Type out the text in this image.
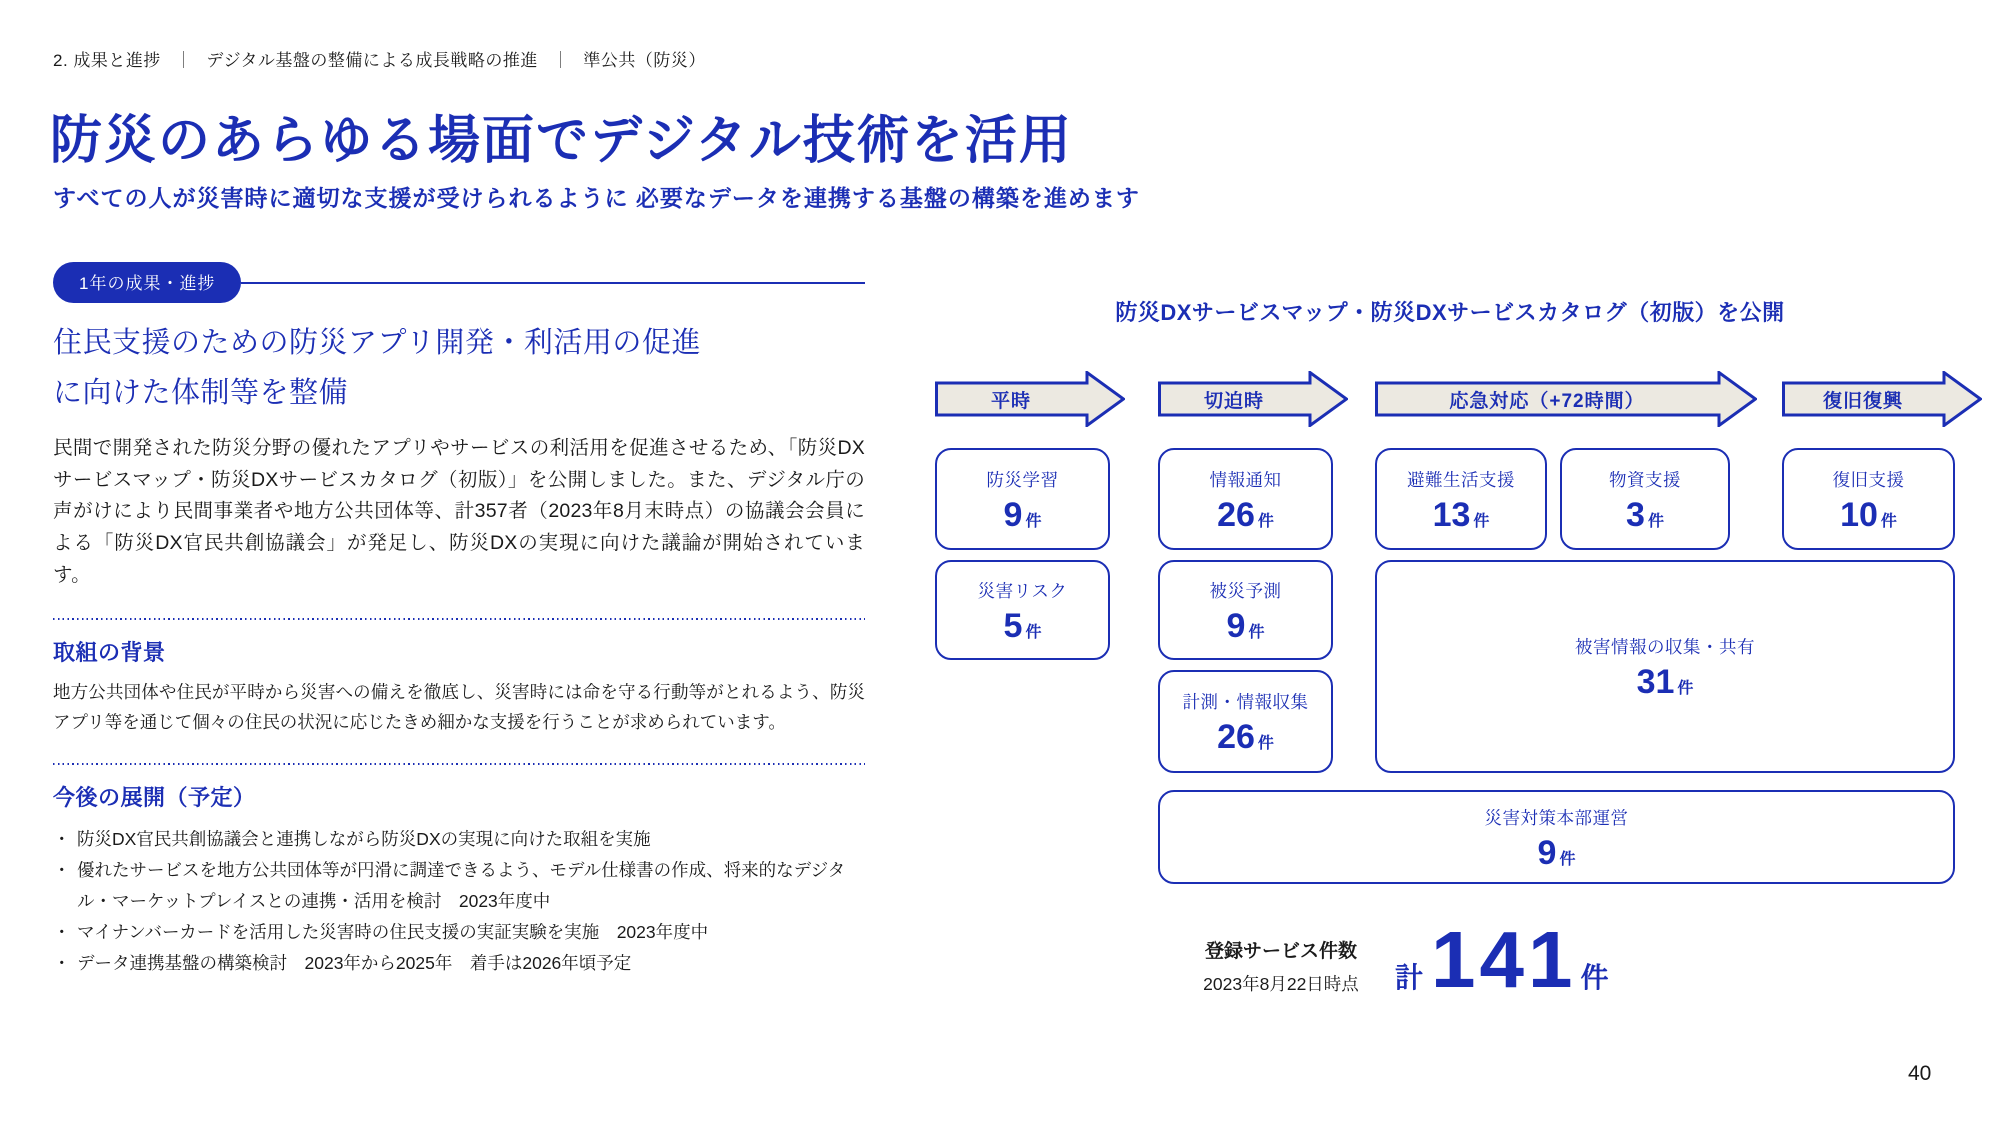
2. 成果と進捗 ｜ デジタル基盤の整備による成長戦略の推進 ｜ 準公共（防災）
防災のあらゆる場面でデジタル技術を活用
すべての人が災害時に適切な支援が受けられるように 必要なデータを連携する基盤の構築を進めます
1年の成果・進捗
住民支援のための防災アプリ開発・利活用の促進に向けた体制等を整備
民間で開発された防災分野の優れたアプリやサービスの利活用を促進させるため、「防災DXサービスマップ・防災DXサービスカタログ（初版）」を公開しました。また、デジタル庁の声がけにより民間事業者や地方公共団体等、計357者（2023年8月末時点）の協議会会員による「防災DX官民共創協議会」が発足し、防災DXの実現に向けた議論が開始されています。
取組の背景
地方公共団体や住民が平時から災害への備えを徹底し、災害時には命を守る行動等がとれるよう、防災アプリ等を通じて個々の住民の状況に応じたきめ細かな支援を行うことが求められています。
今後の展開（予定）
・ 防災DX官民共創協議会と連携しながら防災DXの実現に向けた取組を実施
・ 優れたサービスを地方公共団体等が円滑に調達できるよう、モデル仕様書の作成、将来的なデジタル・マーケットプレイスとの連携・活用を検討　2023年度中
・ マイナンバーカードを活用した災害時の住民支援の実証実験を実施　2023年度中
・ データ連携基盤の構築検討　2023年から2025年　着手は2026年頃予定
防災DXサービスマップ・防災DXサービスカタログ（初版）を公開
平時	切迫時	応急対応（+72時間）	復旧復興
防災学習
9 件
情報通知
26 件
避難生活支援
13 件
物資支援
3 件
復旧支援
10 件
災害リスク
5 件
被災予測
9 件
計測・情報収集
26 件
被害情報の収集・共有
31 件
災害対策本部運営
9 件
登録サービス件数
2023年8月22日時点	計 141 件
40
